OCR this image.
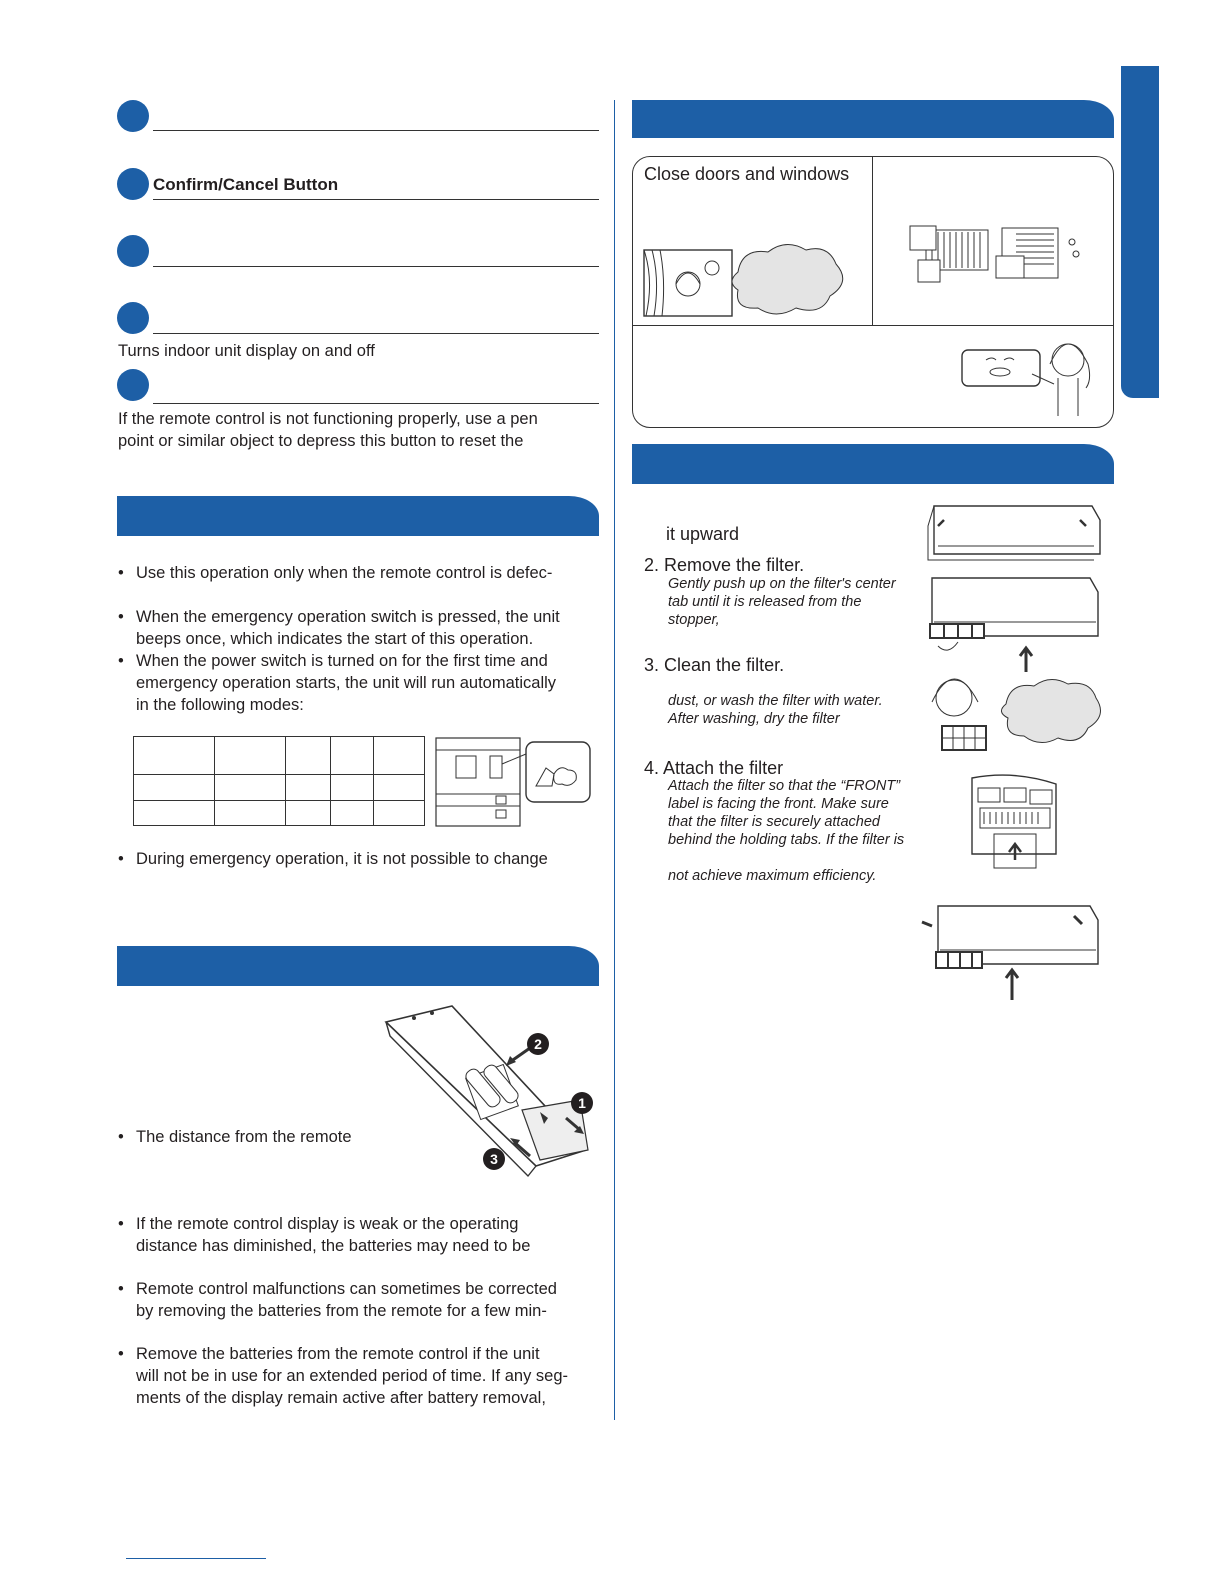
Confirm/Cancel Button
Turns indoor unit display on and off
If the remote control is not functioning properly, use a pen
point or similar object to depress this button to reset the
• Use this operation only when the remote control is defec-
• When the emergency operation switch is pressed, the unit
beeps once, which indicates the start of this operation.
• When the power switch is turned on for the first time and
emergency operation starts, the unit will run automatically
in the following modes:

• During emergency operation, it is not possible to change
2
1
3
• The distance from the remote
• If the remote control display is weak or the operating
distance has diminished, the batteries may need to be
• Remote control malfunctions can sometimes be corrected
by removing the batteries from the remote for a few min-
• Remove the batteries from the remote control if the unit
will not be in use for an extended period of time. If any seg-
ments of the display remain active after battery removal,
Close doors and windows
it upward
2. Remove the filter.
Gently push up on the filter's center
tab until it is released from the
stopper,
3. Clean the filter.
dust, or wash the filter with water.
After washing, dry the filter
4. Attach the filter
Attach the filter so that the “FRONT”
label is facing the front. Make sure
that the filter is securely attached
behind the holding tabs. If the filter is
not achieve maximum efficiency.
